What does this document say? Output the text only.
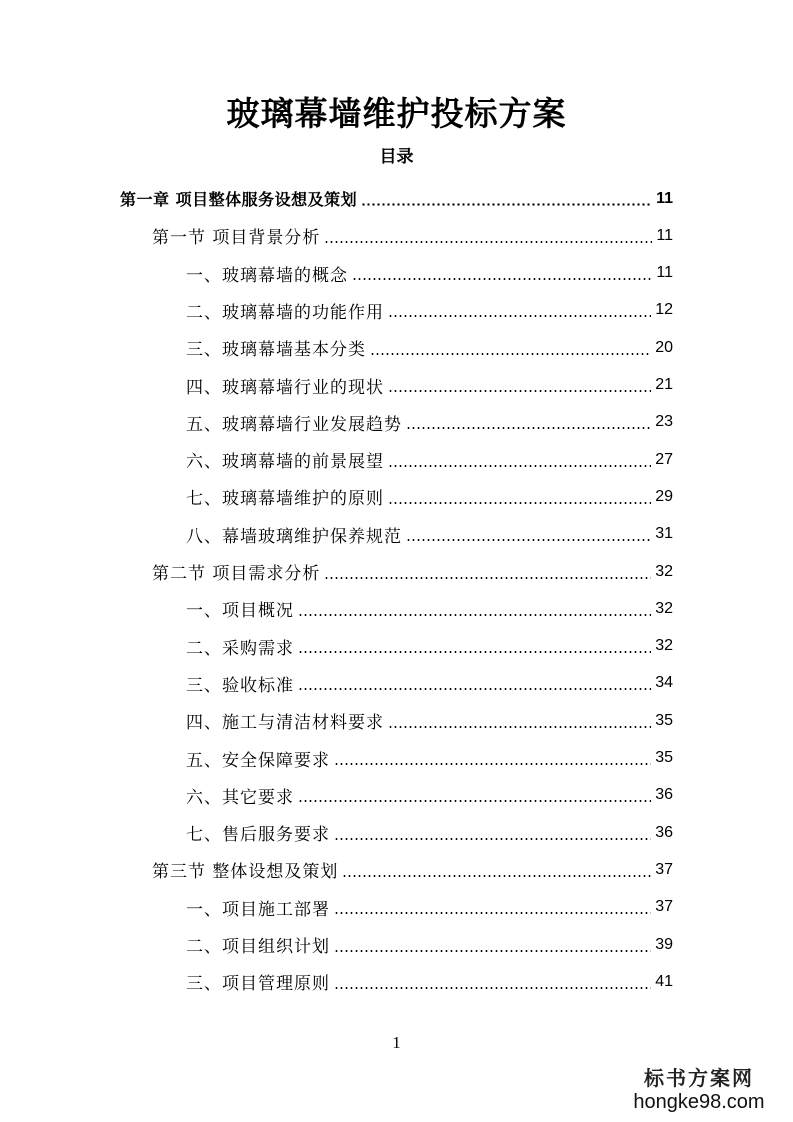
玻璃幕墙维护投标方案
目录
第一章 项目整体服务设想及策划	11
第一节 项目背景分析	11
一、玻璃幕墙的概念	11
二、玻璃幕墙的功能作用	12
三、玻璃幕墙基本分类	20
四、玻璃幕墙行业的现状	21
五、玻璃幕墙行业发展趋势	23
六、玻璃幕墙的前景展望	27
七、玻璃幕墙维护的原则	29
八、幕墙玻璃维护保养规范	31
第二节 项目需求分析	32
一、项目概况	32
二、采购需求	32
三、验收标准	34
四、施工与清洁材料要求	35
五、安全保障要求	35
六、其它要求	36
七、售后服务要求	36
第三节 整体设想及策划	37
一、项目施工部署	37
二、项目组织计划	39
三、项目管理原则	41
1
标书方案网
hongke98.com
